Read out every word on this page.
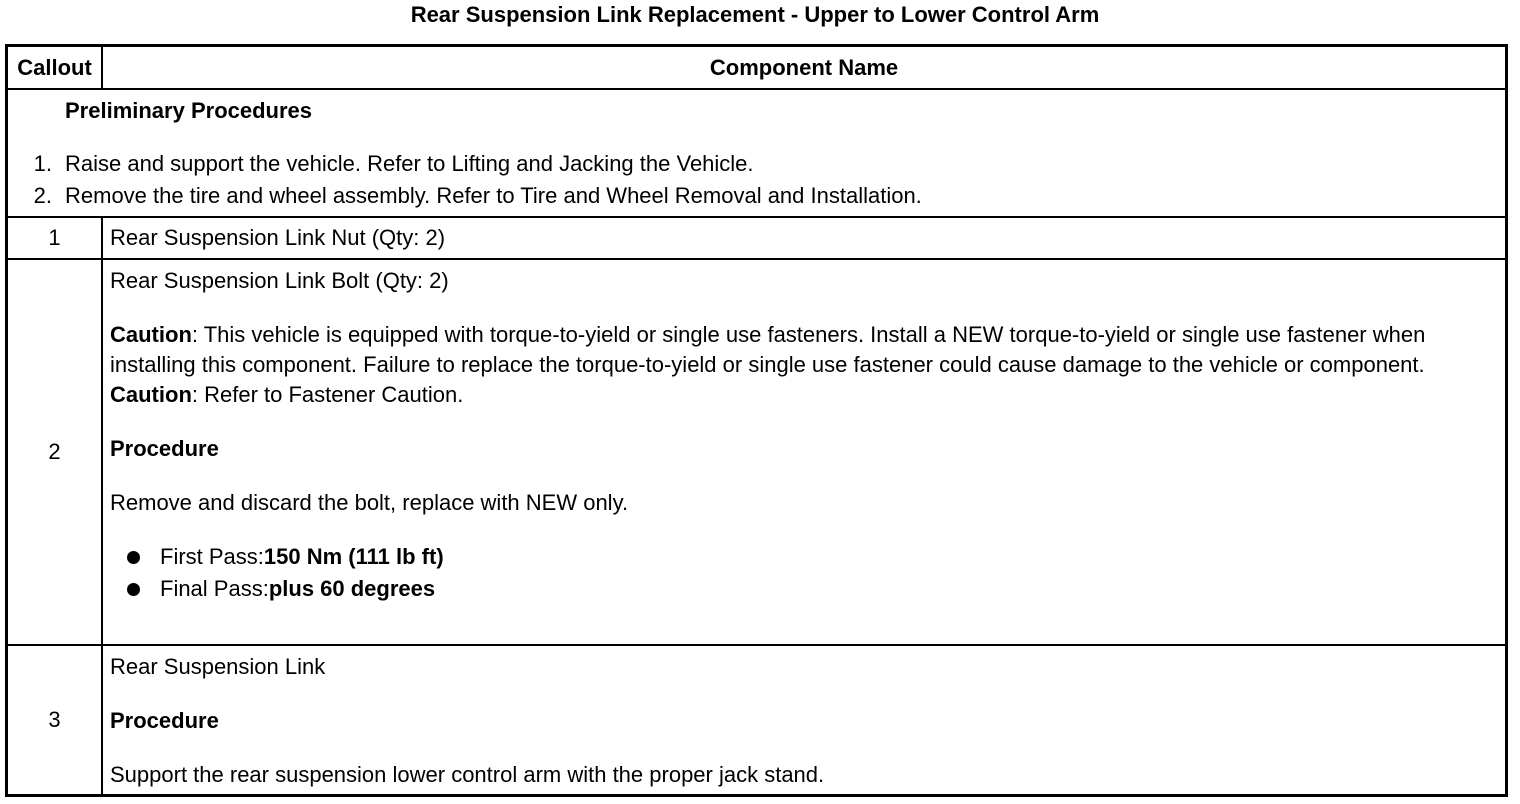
Rear Suspension Link Replacement - Upper to Lower Control Arm
Callout	Component Name
Preliminary Procedures
1. Raise and support the vehicle. Refer to Lifting and Jacking the Vehicle.
2. Remove the tire and wheel assembly. Refer to Tire and Wheel Removal and Installation.
1	Rear Suspension Link Nut (Qty: 2)
2
Rear Suspension Link Bolt (Qty: 2)
Caution: This vehicle is equipped with torque-to-yield or single use fasteners. Install a NEW torque-to-yield or single use fastener when installing this component. Failure to replace the torque-to-yield or single use fastener could cause damage to the vehicle or component.
Caution: Refer to Fastener Caution.
Procedure
Remove and discard the bolt, replace with NEW only.
First Pass: 150 Nm (111 lb ft)
Final Pass: plus 60 degrees
3
Rear Suspension Link
Procedure
Support the rear suspension lower control arm with the proper jack stand.
